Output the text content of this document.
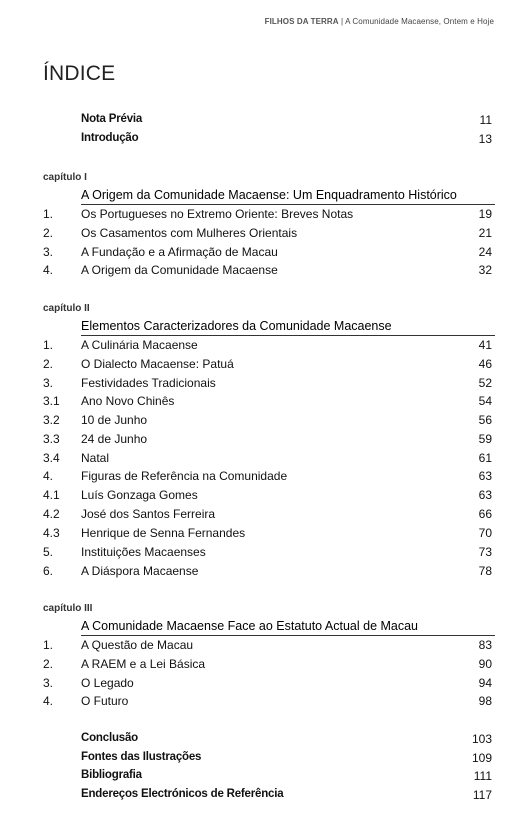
FILHOS DA TERRA | A Comunidade Macaense, Ontem e Hoje
ÍNDICE
Nota Prévia	11
Introdução	13
capítulo I
A Origem da Comunidade Macaense: Um Enquadramento Histórico
1. Os Portugueses no Extremo Oriente: Breves Notas	19
2. Os Casamentos com Mulheres Orientais	21
3. A Fundação e a Afirmação de Macau	24
4. A Origem da Comunidade Macaense	32
capítulo II
Elementos Caracterizadores da Comunidade Macaense
1. A Culinária Macaense	41
2. O Dialecto Macaense: Patuá	46
3. Festividades Tradicionais	52
3.1 Ano Novo Chinês	54
3.2 10 de Junho	56
3.3 24 de Junho	59
3.4 Natal	61
4. Figuras de Referência na Comunidade	63
4.1 Luís Gonzaga Gomes	63
4.2 José dos Santos Ferreira	66
4.3 Henrique de Senna Fernandes	70
5. Instituições Macaenses	73
6. A Diáspora Macaense	78
capítulo III
A Comunidade Macaense Face ao Estatuto Actual de Macau
1. A Questão de Macau	83
2. A RAEM e a Lei Básica	90
3. O Legado	94
4. O Futuro	98
Conclusão	103
Fontes das Ilustrações	109
Bibliografia	111
Endereços Electrónicos de Referência	117
